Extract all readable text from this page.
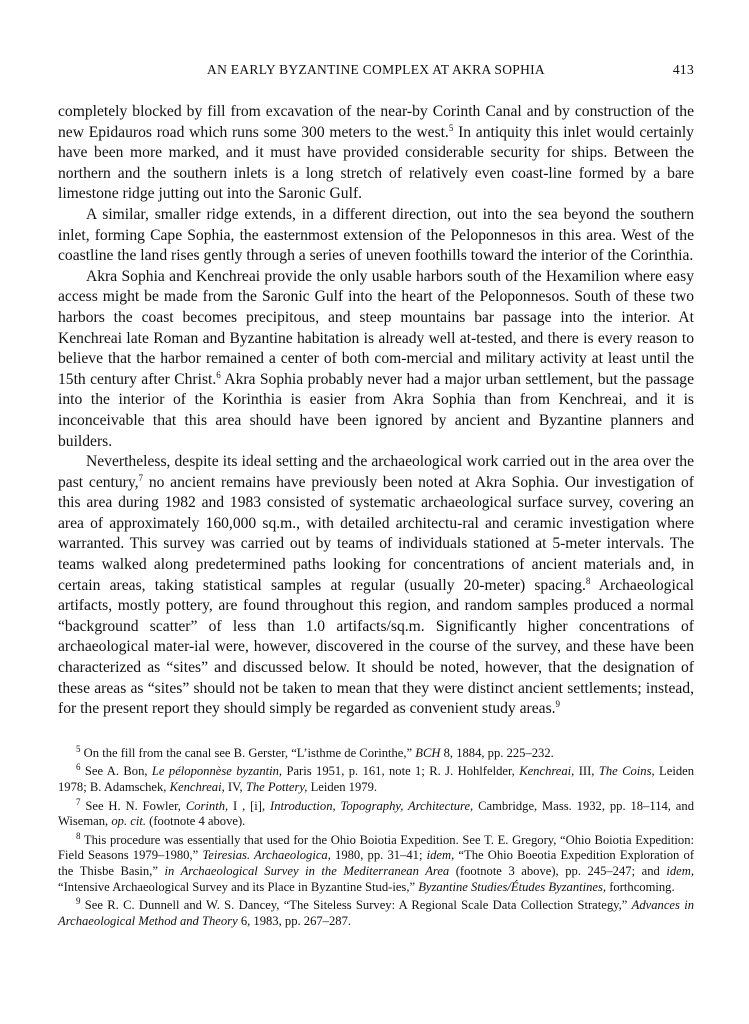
AN EARLY BYZANTINE COMPLEX AT AKRA SOPHIA	413

completely blocked by fill from excavation of the near-by Corinth Canal and by construction of the new Epidauros road which runs some 300 meters to the west.$^5$ In antiquity this inlet would certainly have been more marked, and it must have provided considerable security for ships. Between the northern and the southern inlets is a long stretch of relatively even coast-line formed by a bare limestone ridge jutting out into the Saronic Gulf.

A similar, smaller ridge extends, in a different direction, out into the sea beyond the southern inlet, forming Cape Sophia, the easternmost extension of the Peloponnesos in this area. West of the coastline the land rises gently through a series of uneven foothills toward the interior of the Corinthia.

Akra Sophia and Kenchreai provide the only usable harbors south of the Hexamilion where easy access might be made from the Saronic Gulf into the heart of the Peloponnesos. South of these two harbors the coast becomes precipitous, and steep mountains bar passage into the interior. At Kenchreai late Roman and Byzantine habitation is already well at-tested, and there is every reason to believe that the harbor remained a center of both com-mercial and military activity at least until the 15th century after Christ.$^6$ Akra Sophia probably never had a major urban settlement, but the passage into the interior of the Korinthia is easier from Akra Sophia than from Kenchreai, and it is inconceivable that this area should have been ignored by ancient and Byzantine planners and builders.

Nevertheless, despite its ideal setting and the archaeological work carried out in the area over the past century,$^7$ no ancient remains have previously been noted at Akra Sophia. Our investigation of this area during 1982 and 1983 consisted of systematic archaeological surface survey, covering an area of approximately 160,000 sq.m., with detailed architectu-ral and ceramic investigation where warranted. This survey was carried out by teams of individuals stationed at 5-meter intervals. The teams walked along predetermined paths looking for concentrations of ancient materials and, in certain areas, taking statistical samples at regular (usually 20-meter) spacing.$^8$ Archaeological artifacts, mostly pottery, are found throughout this region, and random samples produced a normal “background scatter” of less than 1.0 artifacts/sq.m. Significantly higher concentrations of archaeological mater-ial were, however, discovered in the course of the survey, and these have been characterized as “sites” and discussed below. It should be noted, however, that the designation of these areas as “sites” should not be taken to mean that they were distinct ancient settlements; instead, for the present report they should simply be regarded as convenient study areas.$^9$

$^5$ On the fill from the canal see B. Gerster, “L’isthme de Corinthe,” BCH 8, 1884, pp. 225–232.

$^6$ See A. Bon, Le péloponnèse byzantin, Paris 1951, p. 161, note 1; R. J. Hohlfelder, Kenchreai, III, The Coins, Leiden 1978; B. Adamschek, Kenchreai, IV, The Pottery, Leiden 1979.

$^7$ See H. N. Fowler, Corinth, I , [i], Introduction, Topography, Architecture, Cambridge, Mass. 1932, pp. 18–114, and Wiseman, op. cit. (footnote 4 above).

$^8$ This procedure was essentially that used for the Ohio Boiotia Expedition. See T. E. Gregory, “Ohio Boiotia Expedition: Field Seasons 1979–1980,” Teiresias. Archaeologica, 1980, pp. 31–41; idem, “The Ohio Boeotia Expedition Exploration of the Thisbe Basin,” in Archaeological Survey in the Mediterranean Area (footnote 3 above), pp. 245–247; and idem, “Intensive Archaeological Survey and its Place in Byzantine Stud-ies,” Byzantine Studies/Études Byzantines, forthcoming.

$^9$ See R. C. Dunnell and W. S. Dancey, “The Siteless Survey: A Regional Scale Data Collection Strategy,” Advances in Archaeological Method and Theory 6, 1983, pp. 267–287.
